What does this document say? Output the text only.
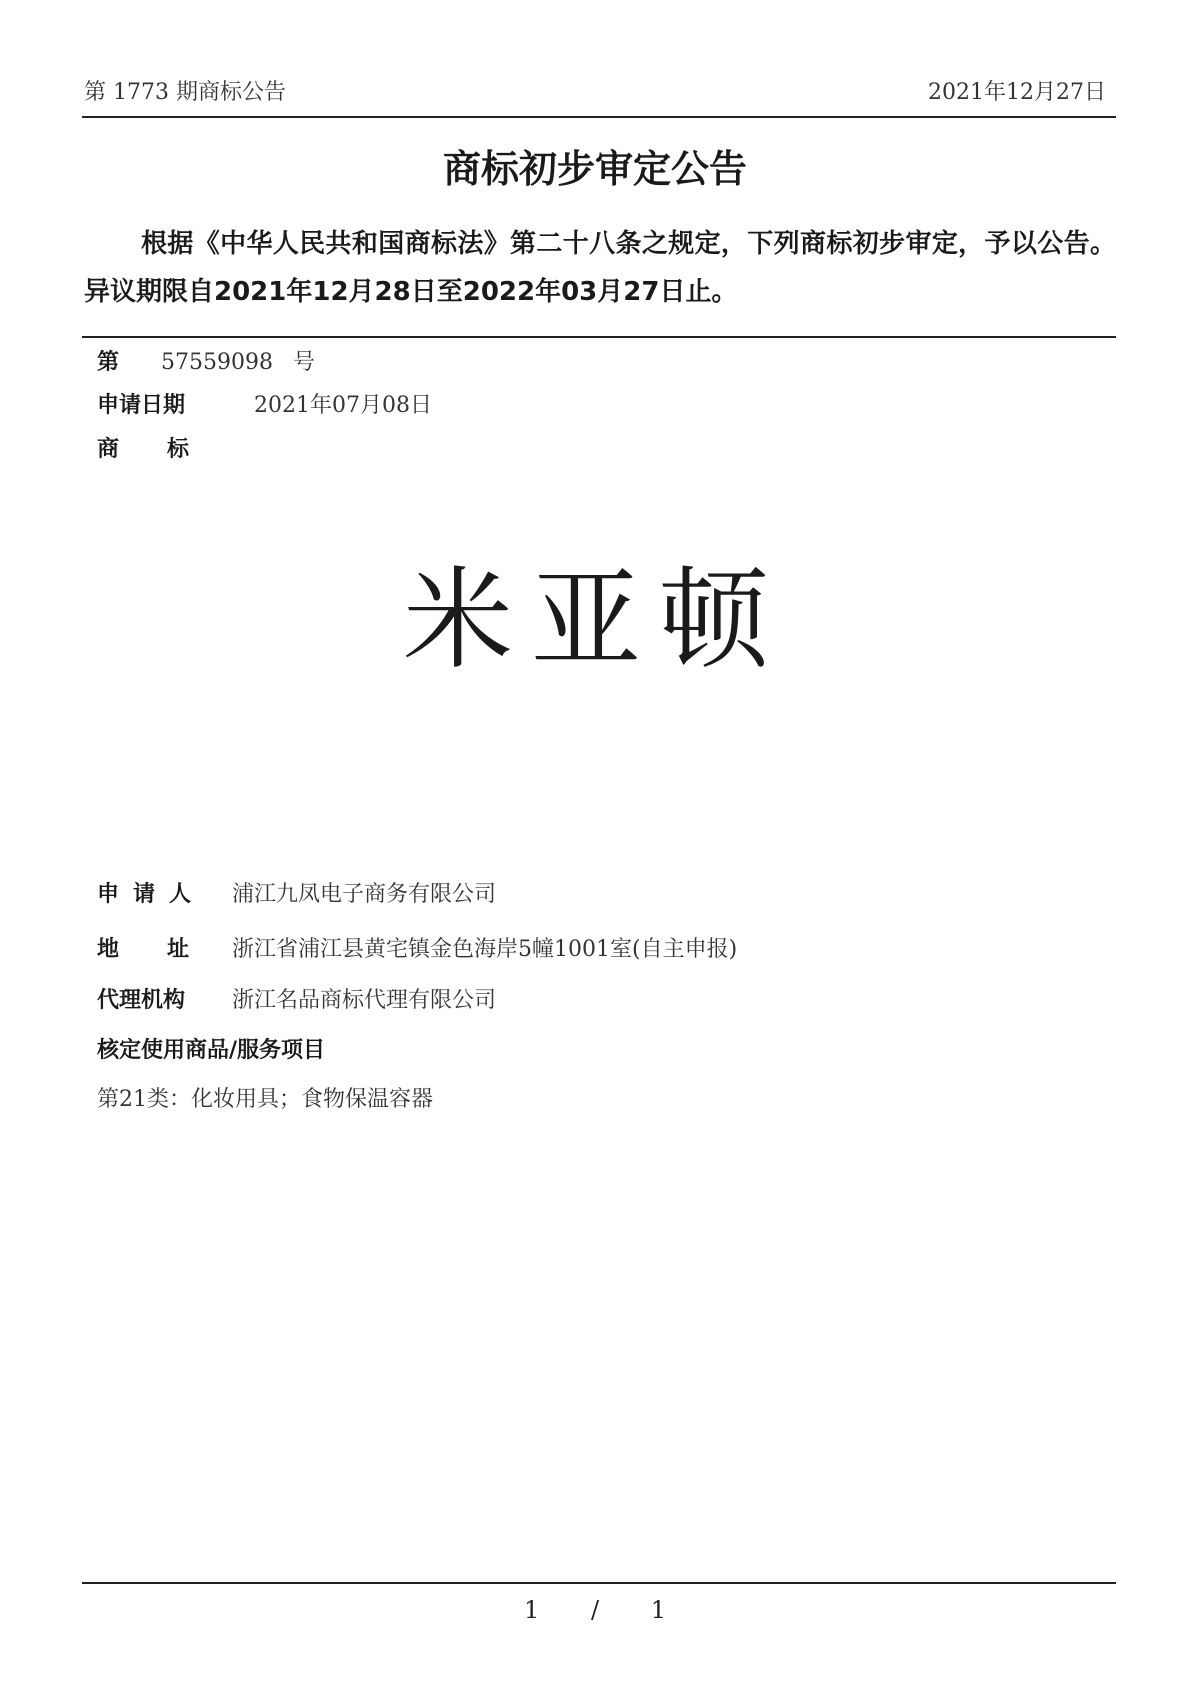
第 1773 期商标公告	2021年12月27日
商标初步审定公告
根据《中华人民共和国商标法》第二十八条之规定，下列商标初步审定，予以公告。异议期限自2021年12月28日至2022年03月27日止。
第 57559098 号
申请日期	2021年07月08日
商标
米亚顿
申请人 浦江九凤电子商务有限公司
地址
浙江省浦江县黄宅镇金色海岸5幢1001室(自主申报)
代理机构 浙江名品商标代理有限公司
核定使用商品/服务项目
第21类：化妆用具；食物保温容器
1 / 1
